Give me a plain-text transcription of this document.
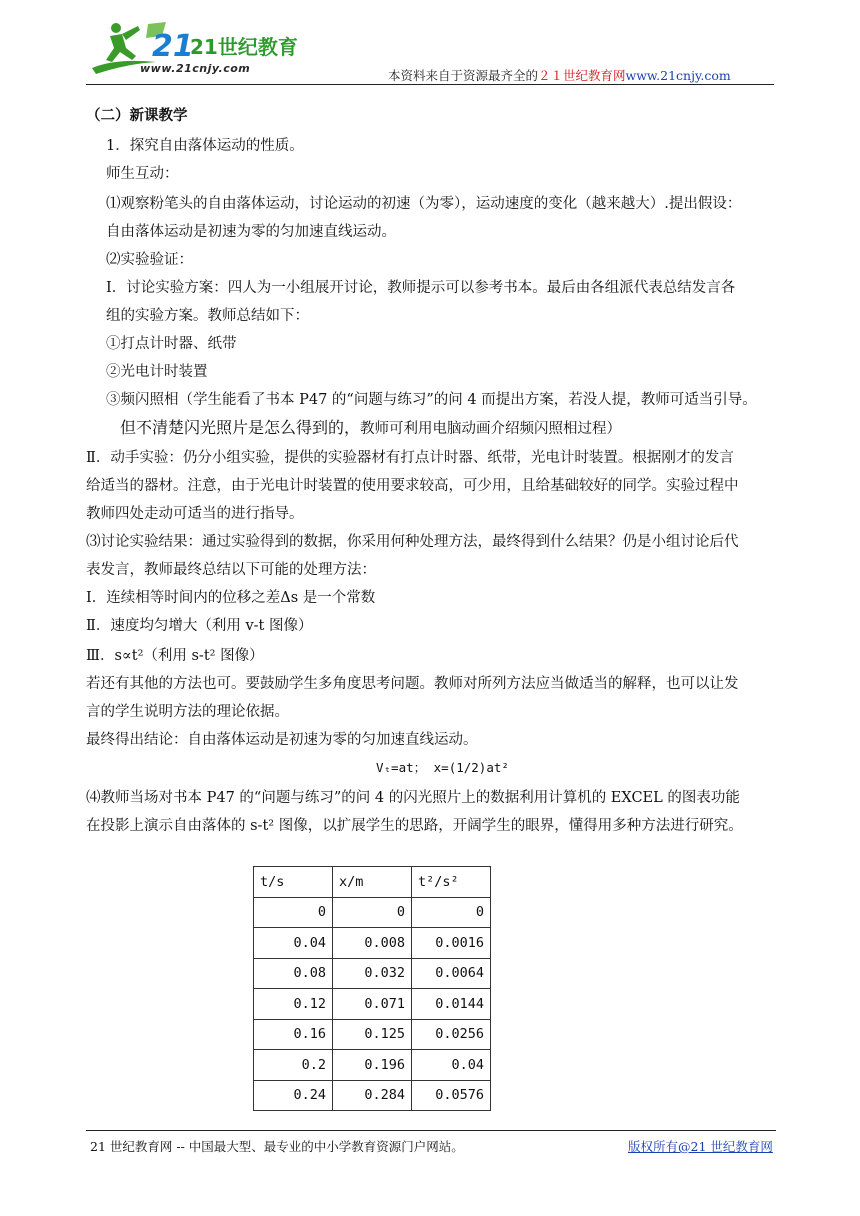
21
21世纪教育
www.21cnjy.com	本资料来自于资源最齐全的２１世纪教育网www.21cnjy.com
（二）新课教学
1．探究自由落体运动的性质。
师生互动：
⑴观察粉笔头的自由落体运动，讨论运动的初速（为零），运动速度的变化（越来越大）.提出假设：
自由落体运动是初速为零的匀加速直线运动。
⑵实验验证：
Ⅰ．讨论实验方案：四人为一小组展开讨论，教师提示可以参考书本。最后由各组派代表总结发言各
组的实验方案。教师总结如下：
①打点计时器、纸带
②光电计时装置
③频闪照相（学生能看了书本 P47 的“问题与练习”的问 4 而提出方案，若没人提，教师可适当引导。
但不清楚闪光照片是怎么得到的，教师可利用电脑动画介绍频闪照相过程）
Ⅱ．动手实验：仍分小组实验，提供的实验器材有打点计时器、纸带，光电计时装置。根据刚才的发言
给适当的器材。注意，由于光电计时装置的使用要求较高，可少用，且给基础较好的同学。实验过程中
教师四处走动可适当的进行指导。
⑶讨论实验结果：通过实验得到的数据，你采用何种处理方法，最终得到什么结果？仍是小组讨论后代
表发言，教师最终总结以下可能的处理方法：
Ⅰ．连续相等时间内的位移之差Δs 是一个常数
Ⅱ．速度均匀增大（利用 v-t 图像）
Ⅲ．s∝t²（利用 s-t² 图像）
若还有其他的方法也可。要鼓励学生多角度思考问题。教师对所列方法应当做适当的解释，也可以让发
言的学生说明方法的理论依据。
最终得出结论：自由落体运动是初速为零的匀加速直线运动。
Vₜ=at； x=(1/2)at²
⑷教师当场对书本 P47 的“问题与练习”的问 4 的闪光照片上的数据利用计算机的 EXCEL 的图表功能
在投影上演示自由落体的 s-t² 图像，以扩展学生的思路，开阔学生的眼界，懂得用多种方法进行研究。
t/s	x/m	t²/s²
0	0	0
0.04	0.008	0.0016
0.08	0.032	0.0064
0.12	0.071	0.0144
0.16	0.125	0.0256
0.2	0.196	0.04
0.24	0.284	0.0576
21 世纪教育网 -- 中国最大型、最专业的中小学教育资源门户网站。	版权所有@21 世纪教育网
